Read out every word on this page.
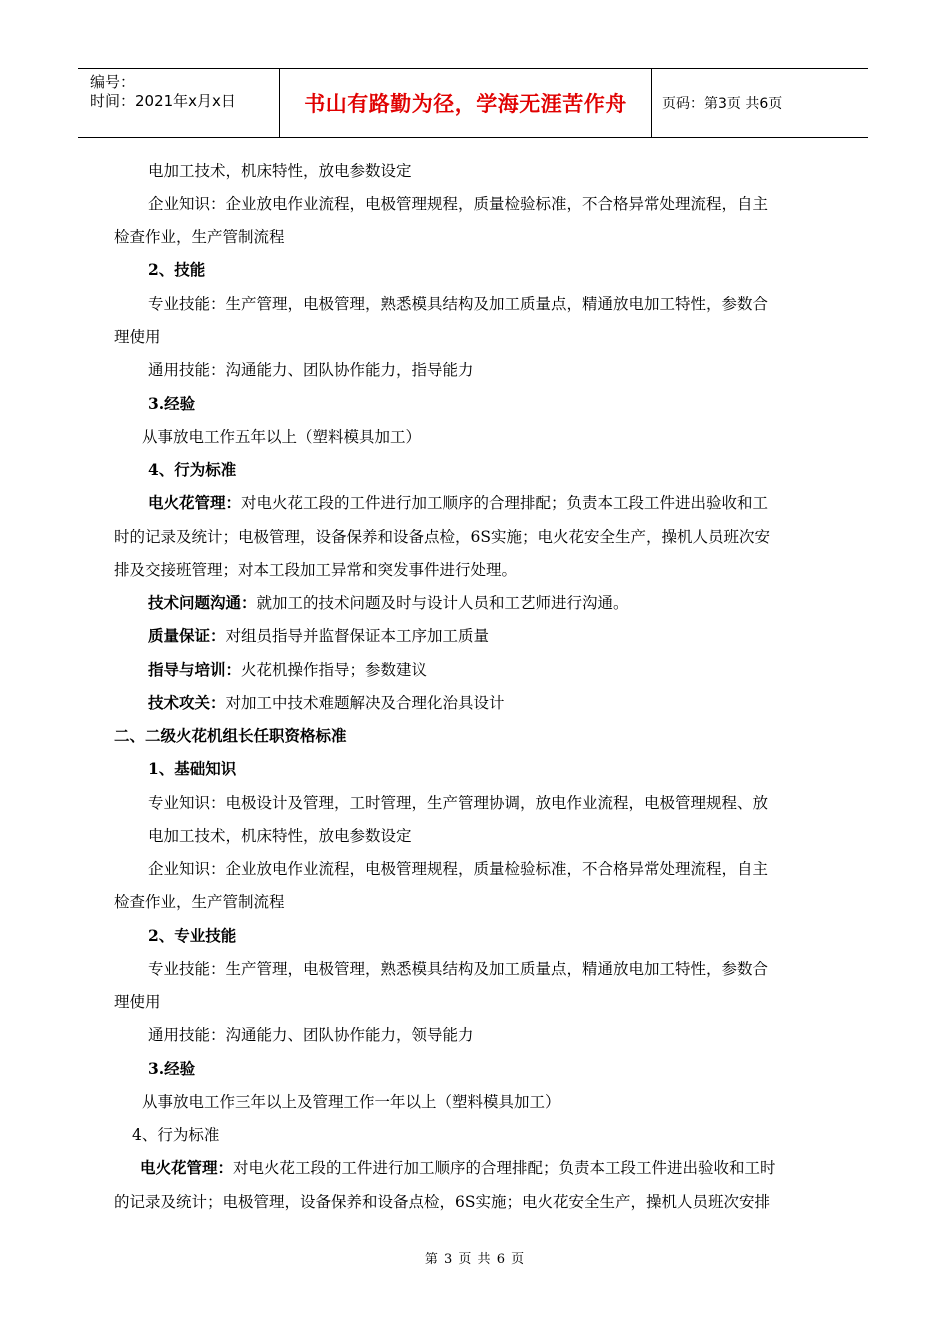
编号：
时间：2021年x月x日	书山有路勤为径，学海无涯苦作舟	页码：第3页 共6页
电加工技术，机床特性，放电参数设定
企业知识：企业放电作业流程，电极管理规程，质量检验标准，不合格异常处理流程，自主
检查作业，生产管制流程
2、技能
专业技能：生产管理，电极管理，熟悉模具结构及加工质量点，精通放电加工特性，参数合
理使用
通用技能：沟通能力、团队协作能力，指导能力
3.经验
从事放电工作五年以上（塑料模具加工）
4、行为标准
电火花管理：对电火花工段的工件进行加工顺序的合理排配；负责本工段工件进出验收和工
时的记录及统计；电极管理，设备保养和设备点检，6S实施；电火花安全生产，操机人员班次安
排及交接班管理；对本工段加工异常和突发事件进行处理。
技术问题沟通：就加工的技术问题及时与设计人员和工艺师进行沟通。
质量保证：对组员指导并监督保证本工序加工质量
指导与培训：火花机操作指导；参数建议
技术攻关：对加工中技术难题解决及合理化治具设计
二、二级火花机组长任职资格标准
1、基础知识
专业知识：电极设计及管理，工时管理，生产管理协调，放电作业流程，电极管理规程、放
电加工技术，机床特性，放电参数设定
企业知识：企业放电作业流程，电极管理规程，质量检验标准，不合格异常处理流程，自主
检查作业，生产管制流程
2、专业技能
专业技能：生产管理，电极管理，熟悉模具结构及加工质量点，精通放电加工特性，参数合
理使用
通用技能：沟通能力、团队协作能力，领导能力
3.经验
从事放电工作三年以上及管理工作一年以上（塑料模具加工）
4、行为标准
电火花管理：对电火花工段的工件进行加工顺序的合理排配；负责本工段工件进出验收和工时
的记录及统计；电极管理，设备保养和设备点检，6S实施；电火花安全生产，操机人员班次安排
第 3 页 共 6 页
